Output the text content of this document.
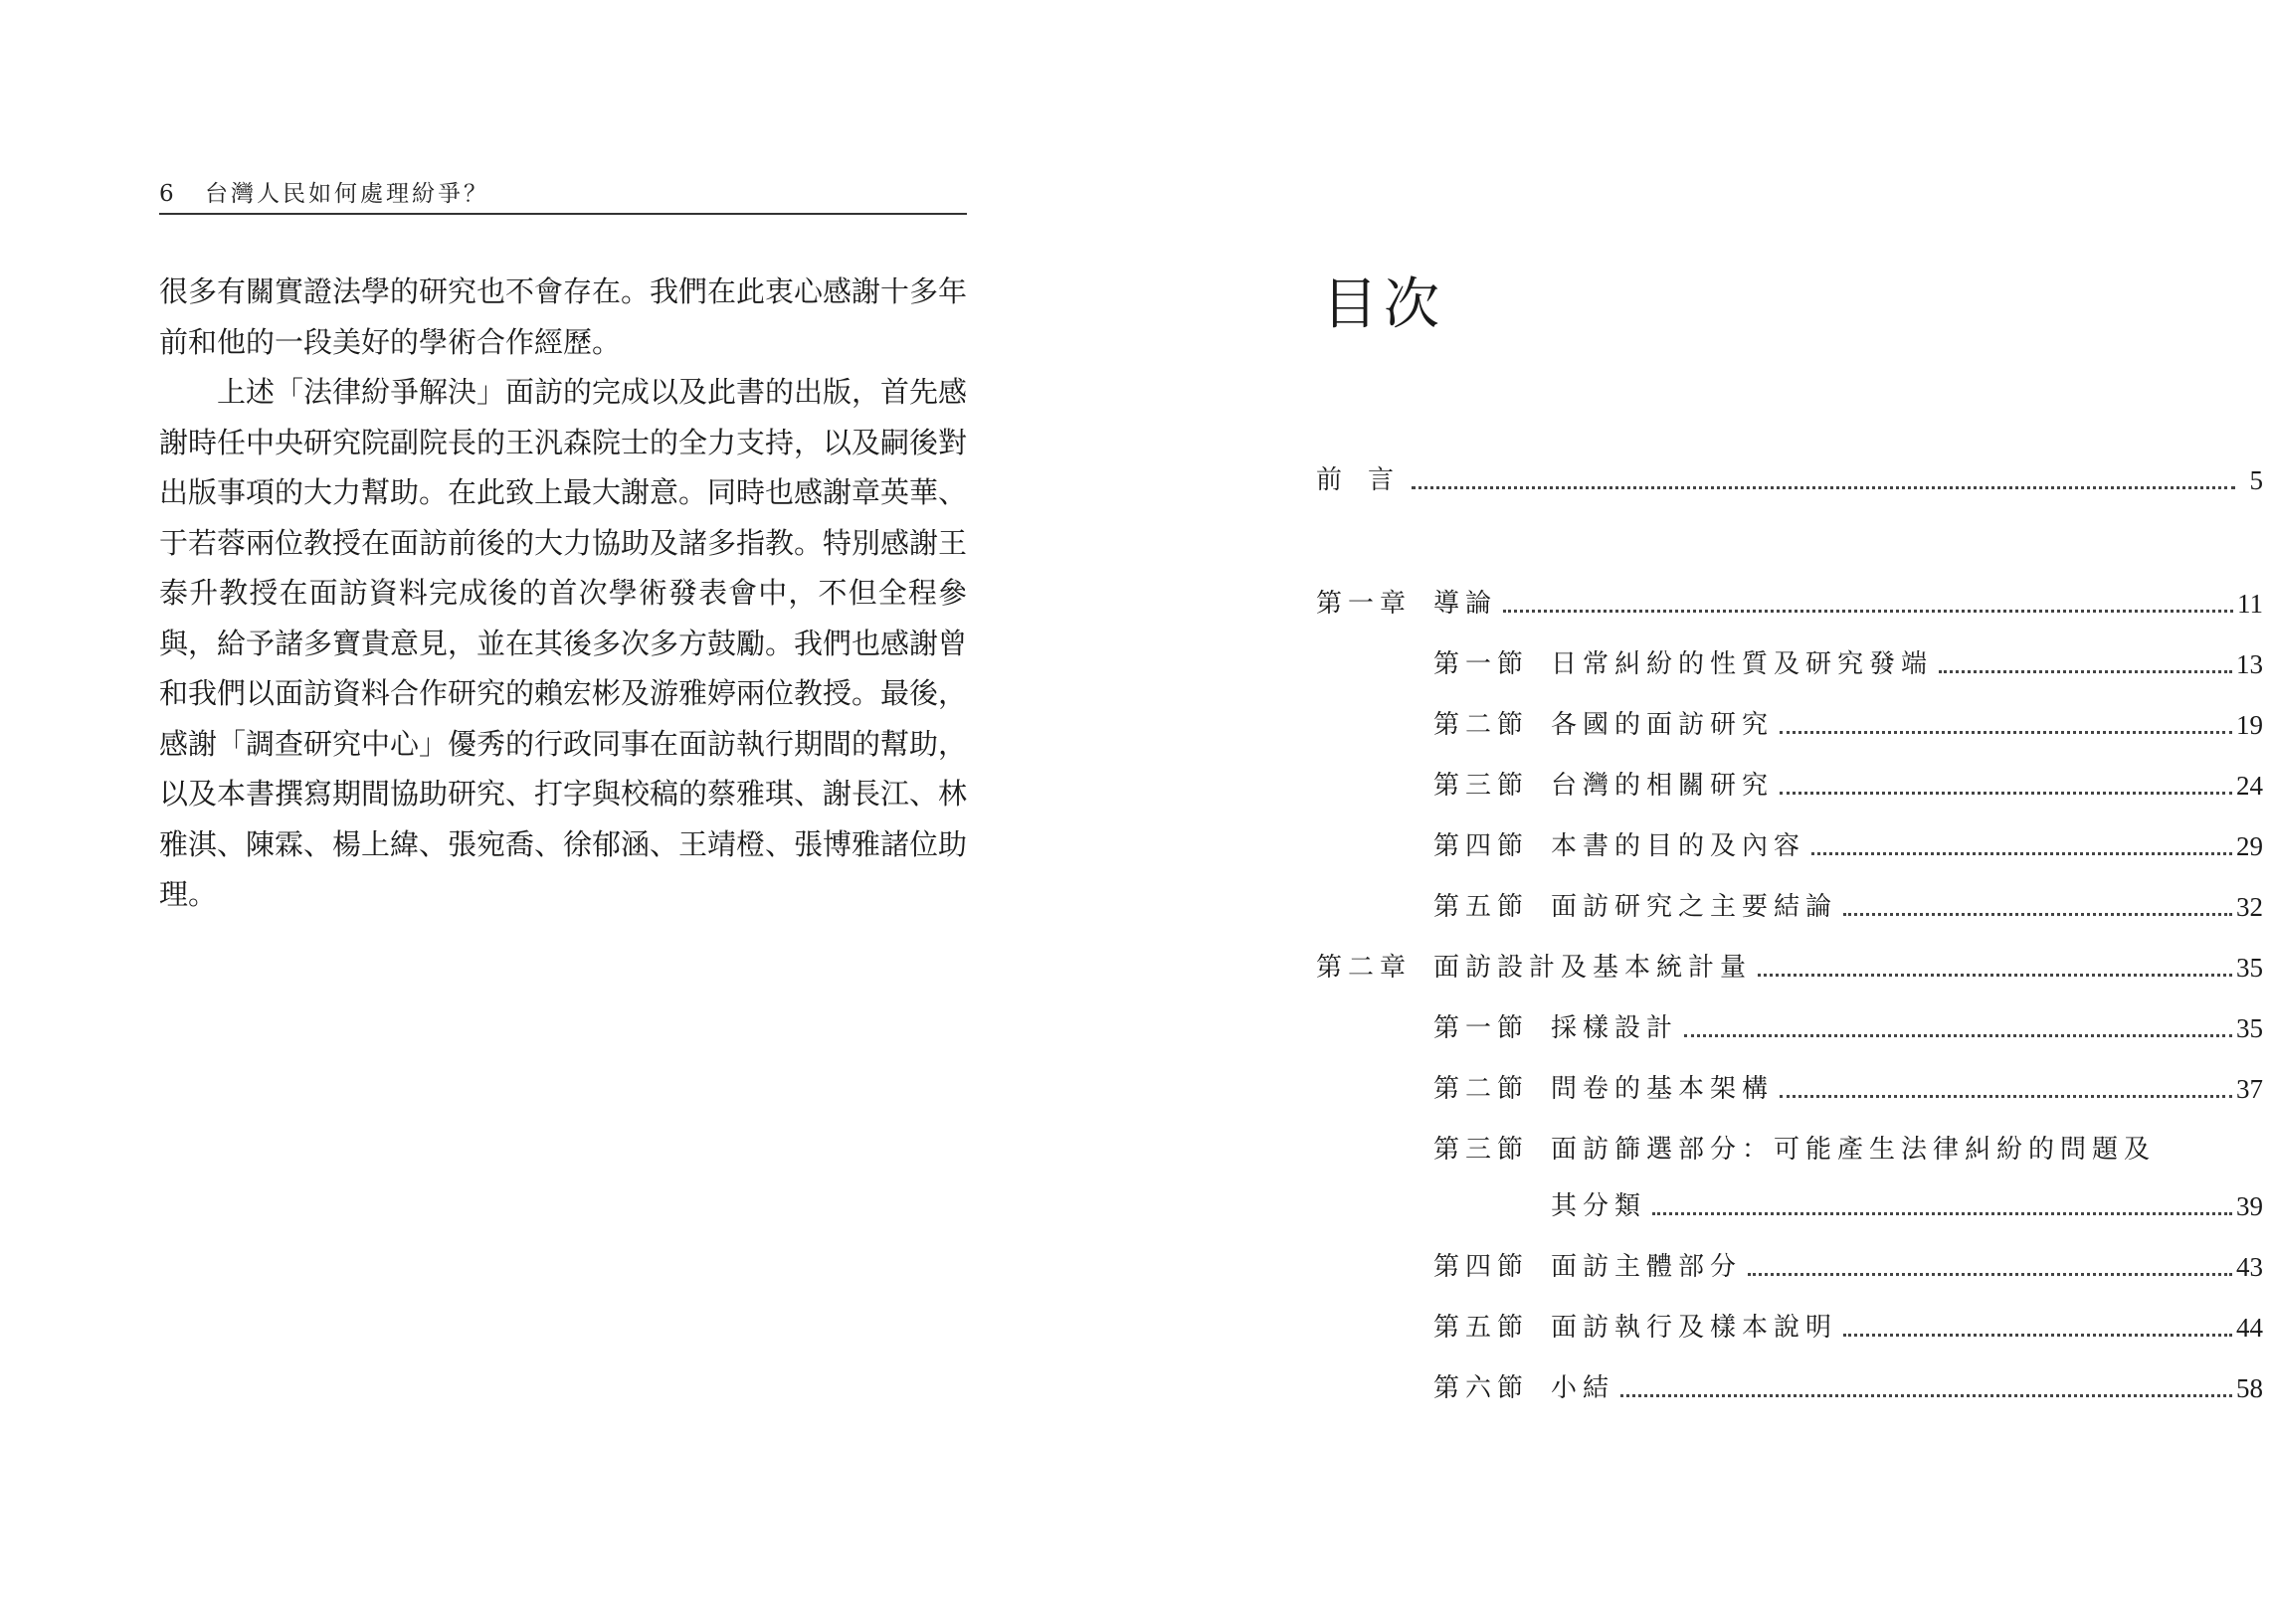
6 台灣人民如何處理紛爭？

很多有關實證法學的研究也不會存在。我們在此衷心感謝十多年前和他的一段美好的學術合作經歷。

上述「法律紛爭解決」面訪的完成以及此書的出版，首先感謝時任中央研究院副院長的王汎森院士的全力支持，以及嗣後對出版事項的大力幫助。在此致上最大謝意。同時也感謝章英華、于若蓉兩位教授在面訪前後的大力協助及諸多指教。特別感謝王泰升教授在面訪資料完成後的首次學術發表會中，不但全程參與，給予諸多寶貴意見，並在其後多次多方鼓勵。我們也感謝曾和我們以面訪資料合作研究的賴宏彬及游雅婷兩位教授。最後，感謝「調查研究中心」優秀的行政同事在面訪執行期間的幫助，以及本書撰寫期間協助研究、打字與校稿的蔡雅琪、謝長江、林雅淇、陳霖、楊上緯、張宛喬、徐郁涵、王靖橙、張博雅諸位助理。

目次
前　言	5
第一章 導論	11
第一節 日常糾紛的性質及研究發端	13
第二節 各國的面訪研究	19
第三節 台灣的相關研究	24
第四節 本書的目的及內容	29
第五節 面訪研究之主要結論	32
第二章 面訪設計及基本統計量	35
第一節 採樣設計	35
第二節 問卷的基本架構	37
第三節 面訪篩選部分：可能產生法律糾紛的問題及
其分類	39
第四節 面訪主體部分	43
第五節 面訪執行及樣本說明	44
第六節 小結	58
